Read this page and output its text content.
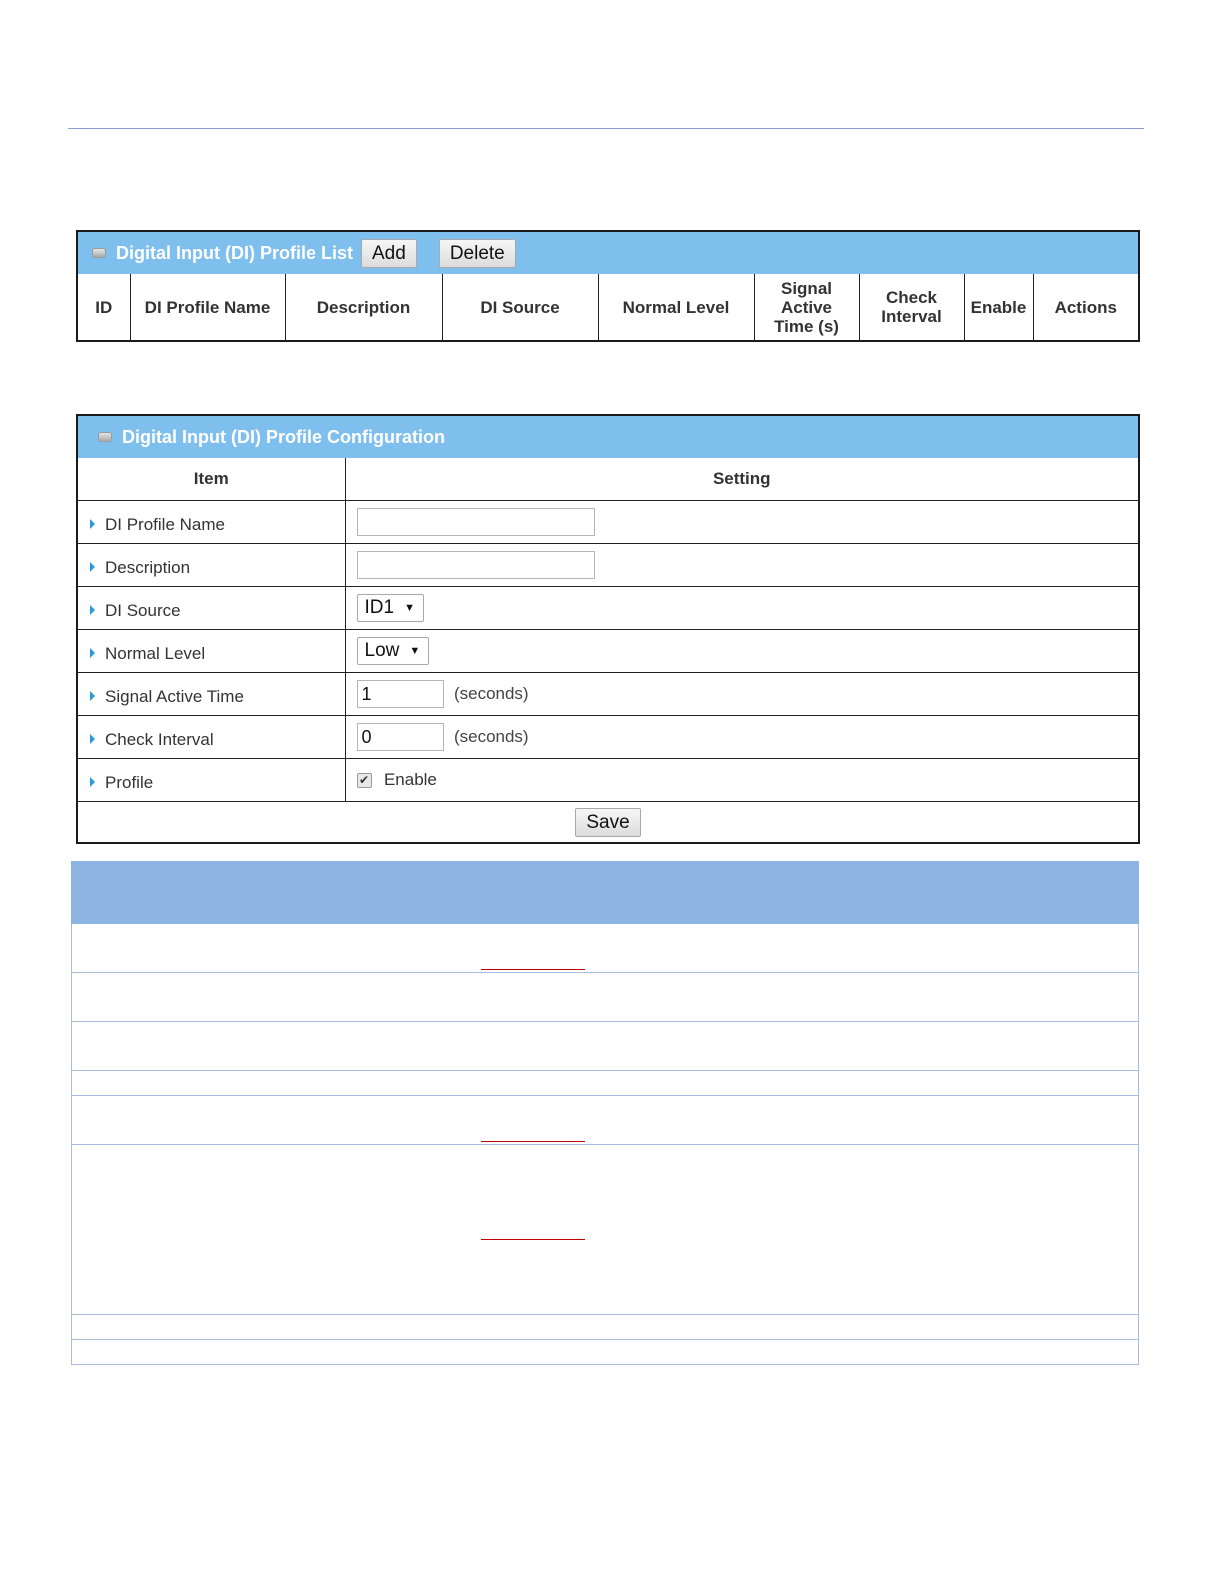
Digital Input (DI) Profile List	Add	Delete
ID	DI Profile Name	Description	DI Source	Normal Level	Signal Active Time (s)	Check Interval	Enable	Actions
Digital Input (DI) Profile Configuration
Item	Setting
DI Profile Name	
Description	
DI Source	ID1 ▼

Normal Level	Low ▼

Signal Active Time	1(seconds)
Check Interval	0(seconds)
Profile	✔ Enable
Save	
